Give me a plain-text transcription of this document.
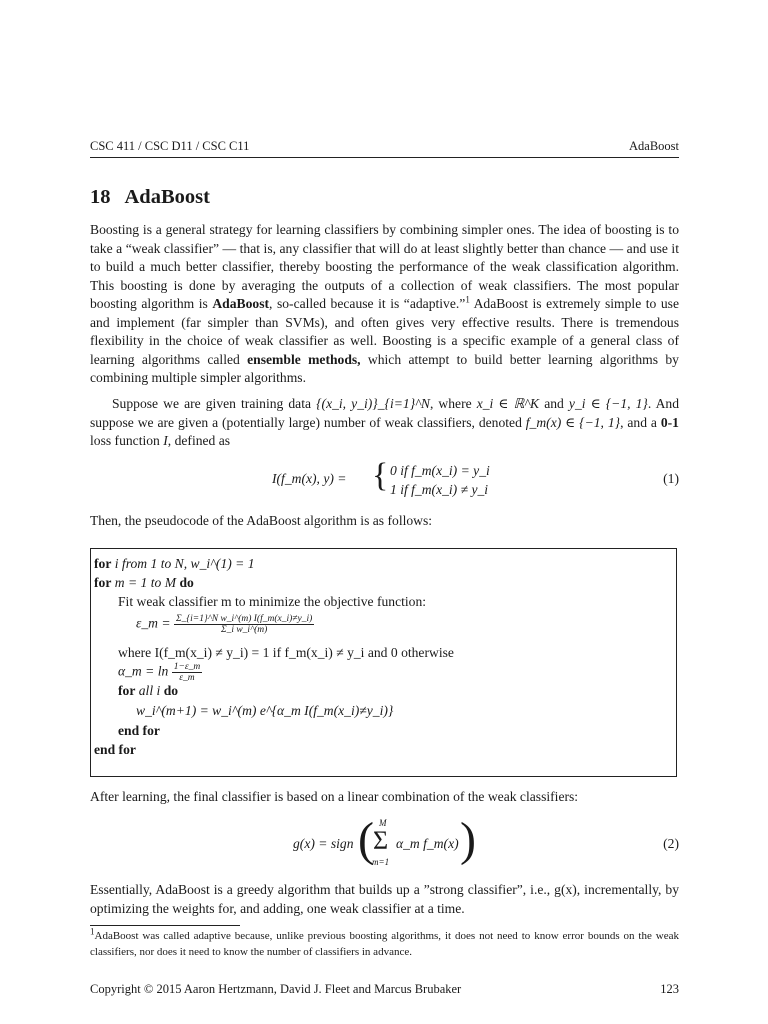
CSC 411 / CSC D11 / CSC C11	AdaBoost
18 AdaBoost
Boosting is a general strategy for learning classifiers by combining simpler ones. The idea of boosting is to take a “weak classifier” — that is, any classifier that will do at least slightly better than chance — and use it to build a much better classifier, thereby boosting the performance of the weak classification algorithm. This boosting is done by averaging the outputs of a collection of weak classifiers. The most popular boosting algorithm is AdaBoost, so-called because it is “adaptive.”$^1$ AdaBoost is extremely simple to use and implement (far simpler than SVMs), and often gives very effective results. There is tremendous flexibility in the choice of weak classifier as well. Boosting is a specific example of a general class of learning algorithms called ensemble methods, which attempt to build better learning algorithms by combining multiple simpler algorithms.
Suppose we are given training data {(x_i, y_i)}_{i=1}^N, where x_i ∈ ℝ^K and y_i ∈ {−1, 1}. And suppose we are given a (potentially large) number of weak classifiers, denoted f_m(x) ∈ {−1, 1}, and a 0-1 loss function I, defined as
I(f_m(x), y) = { 0 if f_m(x_i) = y_i
1 if f_m(x_i) ≠ y_i
(1)
Then, the pseudocode of the AdaBoost algorithm is as follows:
for i from 1 to N, w_i^(1) = 1
for m = 1 to M do
Fit weak classifier m to minimize the objective function:
ε_m = $\frac{\text{Σ\_\{i=1\}\textasciicircum{}N w\_i\textasciicircum{}(m) I(f\_m(x\_i)≠y\_i)}}{\text{Σ\_i w\_i\textasciicircum{}(m)}}$
where I(f_m(x_i) ≠ y_i) = 1 if f_m(x_i) ≠ y_i and 0 otherwise
α_m = $\ln \frac{1-\varepsilon\_m}{\varepsilon\_m}$
for all i do
w_i^(m+1) = w_i^(m) e^{α_m I(f_m(x_i)≠y_i)}
end for
end for
After learning, the final classifier is based on a linear combination of the weak classifiers:
g(x) = sign ( M
Σ
m=1
α_m f_m(x) )	(2)
Essentially, AdaBoost is a greedy algorithm that builds up a ”strong classifier”, i.e., g(x), incrementally, by optimizing the weights for, and adding, one weak classifier at a time.
$^1$AdaBoost was called adaptive because, unlike previous boosting algorithms, it does not need to know error bounds on the weak classifiers, nor does it need to know the number of classifiers in advance.
Copyright © 2015 Aaron Hertzmann, David J. Fleet and Marcus Brubaker	123
